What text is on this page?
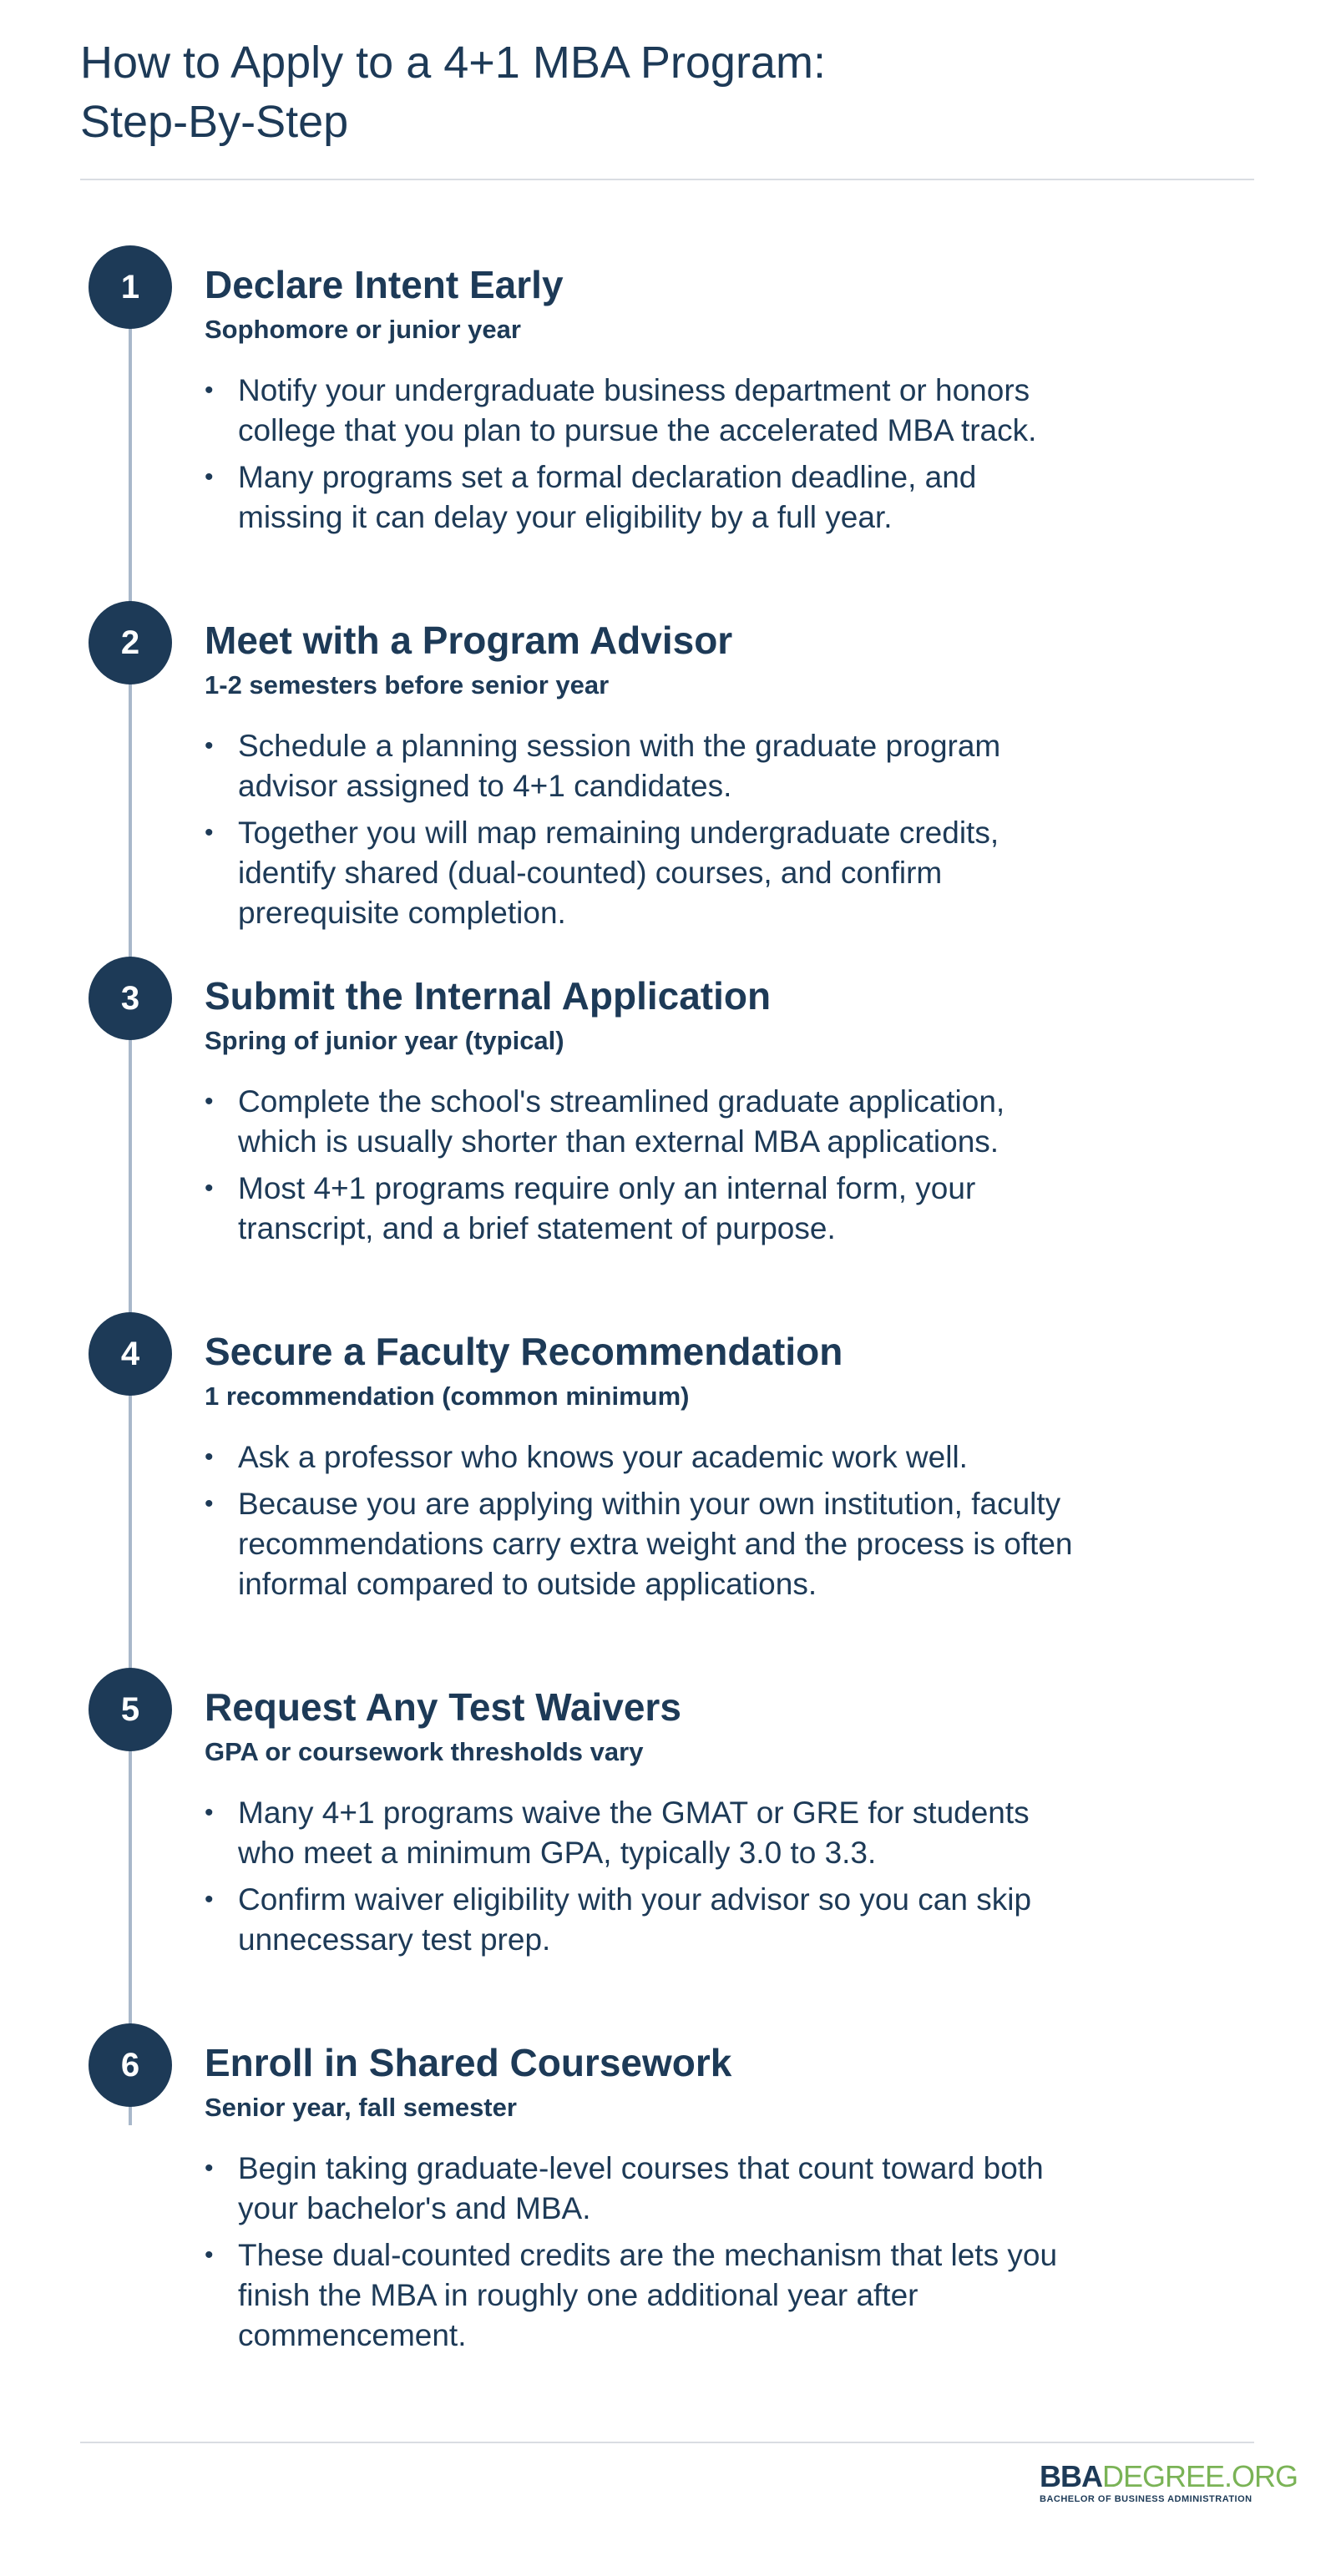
How to Apply to a 4+1 MBA Program:
Step-By-Step
1	Declare Intent Early
Sophomore or junior year
• Notify your undergraduate business department or honors college that you plan to pursue the accelerated MBA track.
• Many programs set a formal declaration deadline, and missing it can delay your eligibility by a full year.
2	Meet with a Program Advisor
1-2 semesters before senior year
• Schedule a planning session with the graduate program advisor assigned to 4+1 candidates.
• Together you will map remaining undergraduate credits, identify shared (dual-counted) courses, and confirm prerequisite completion.
3	Submit the Internal Application
Spring of junior year (typical)
• Complete the school's streamlined graduate application, which is usually shorter than external MBA applications.
• Most 4+1 programs require only an internal form, your transcript, and a brief statement of purpose.
4	Secure a Faculty Recommendation
1 recommendation (common minimum)
• Ask a professor who knows your academic work well.
• Because you are applying within your own institution, faculty recommendations carry extra weight and the process is often informal compared to outside applications.
5	Request Any Test Waivers
GPA or coursework thresholds vary
• Many 4+1 programs waive the GMAT or GRE for students who meet a minimum GPA, typically 3.0 to 3.3.
• Confirm waiver eligibility with your advisor so you can skip unnecessary test prep.
6	Enroll in Shared Coursework
Senior year, fall semester
• Begin taking graduate-level courses that count toward both your bachelor's and MBA.
• These dual-counted credits are the mechanism that lets you finish the MBA in roughly one additional year after commencement.
BBADEGREE.ORG
BACHELOR OF BUSINESS ADMINISTRATION
